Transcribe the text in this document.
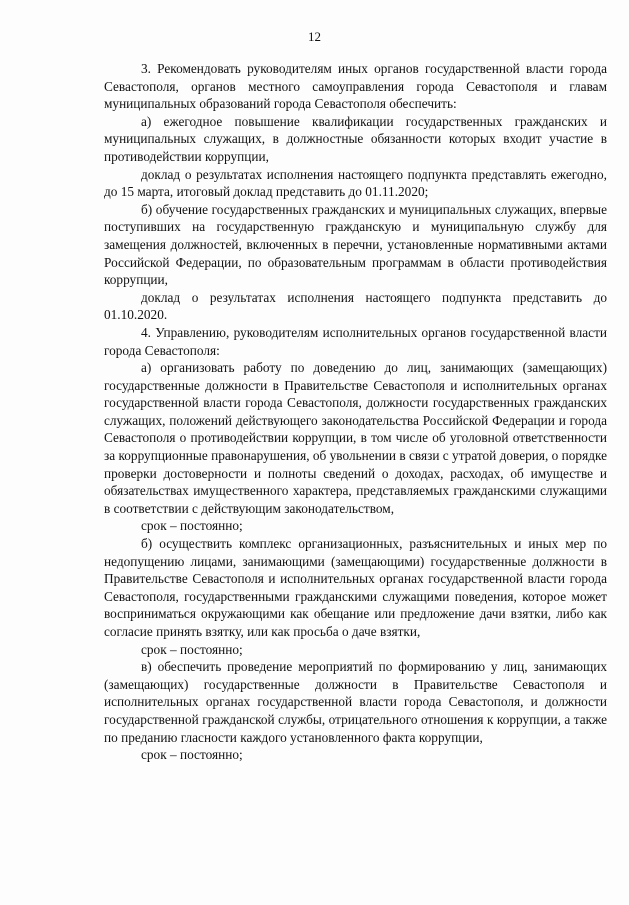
12

3. Рекомендовать руководителям иных органов государственной власти города Севастополя, органов местного самоуправления города Севастополя и главам муниципальных образований города Севастополя обеспечить:

а) ежегодное повышение квалификации государственных гражданских и муниципальных служащих, в должностные обязанности которых входит участие в противодействии коррупции,

доклад о результатах исполнения настоящего подпункта представлять ежегодно, до 15 марта, итоговый доклад представить до 01.11.2020;

б) обучение государственных гражданских и муниципальных служащих, впервые поступивших на государственную гражданскую и муниципальную службу для замещения должностей, включенных в перечни, установленные нормативными актами Российской Федерации, по образовательным программам в области противодействия коррупции,

доклад о результатах исполнения настоящего подпункта представить до 01.10.2020.

4. Управлению, руководителям исполнительных органов государственной власти города Севастополя:

а) организовать работу по доведению до лиц, занимающих (замещающих) государственные должности в Правительстве Севастополя и исполнительных органах государственной власти города Севастополя, должности государственных гражданских служащих, положений действующего законодательства Российской Федерации и города Севастополя о противодействии коррупции, в том числе об уголовной ответственности за коррупционные правонарушения, об увольнении в связи с утратой доверия, о порядке проверки достоверности и полноты сведений о доходах, расходах, об имуществе и обязательствах имущественного характера, представляемых гражданскими служащими в соответствии с действующим законодательством,

срок – постоянно;

б) осуществить комплекс организационных, разъяснительных и иных мер по недопущению лицами, занимающими (замещающими) государственные должности в Правительстве Севастополя и исполнительных органах государственной власти города Севастополя, государственными гражданскими служащими поведения, которое может восприниматься окружающими как обещание или предложение дачи взятки, либо как согласие принять взятку, или как просьба о даче взятки,

срок – постоянно;

в) обеспечить проведение мероприятий по формированию у лиц, занимающих (замещающих) государственные должности в Правительстве Севастополя и исполнительных органах государственной власти города Севастополя, и должности государственной гражданской службы, отрицательного отношения к коррупции, а также по преданию гласности каждого установленного факта коррупции,

срок – постоянно;
